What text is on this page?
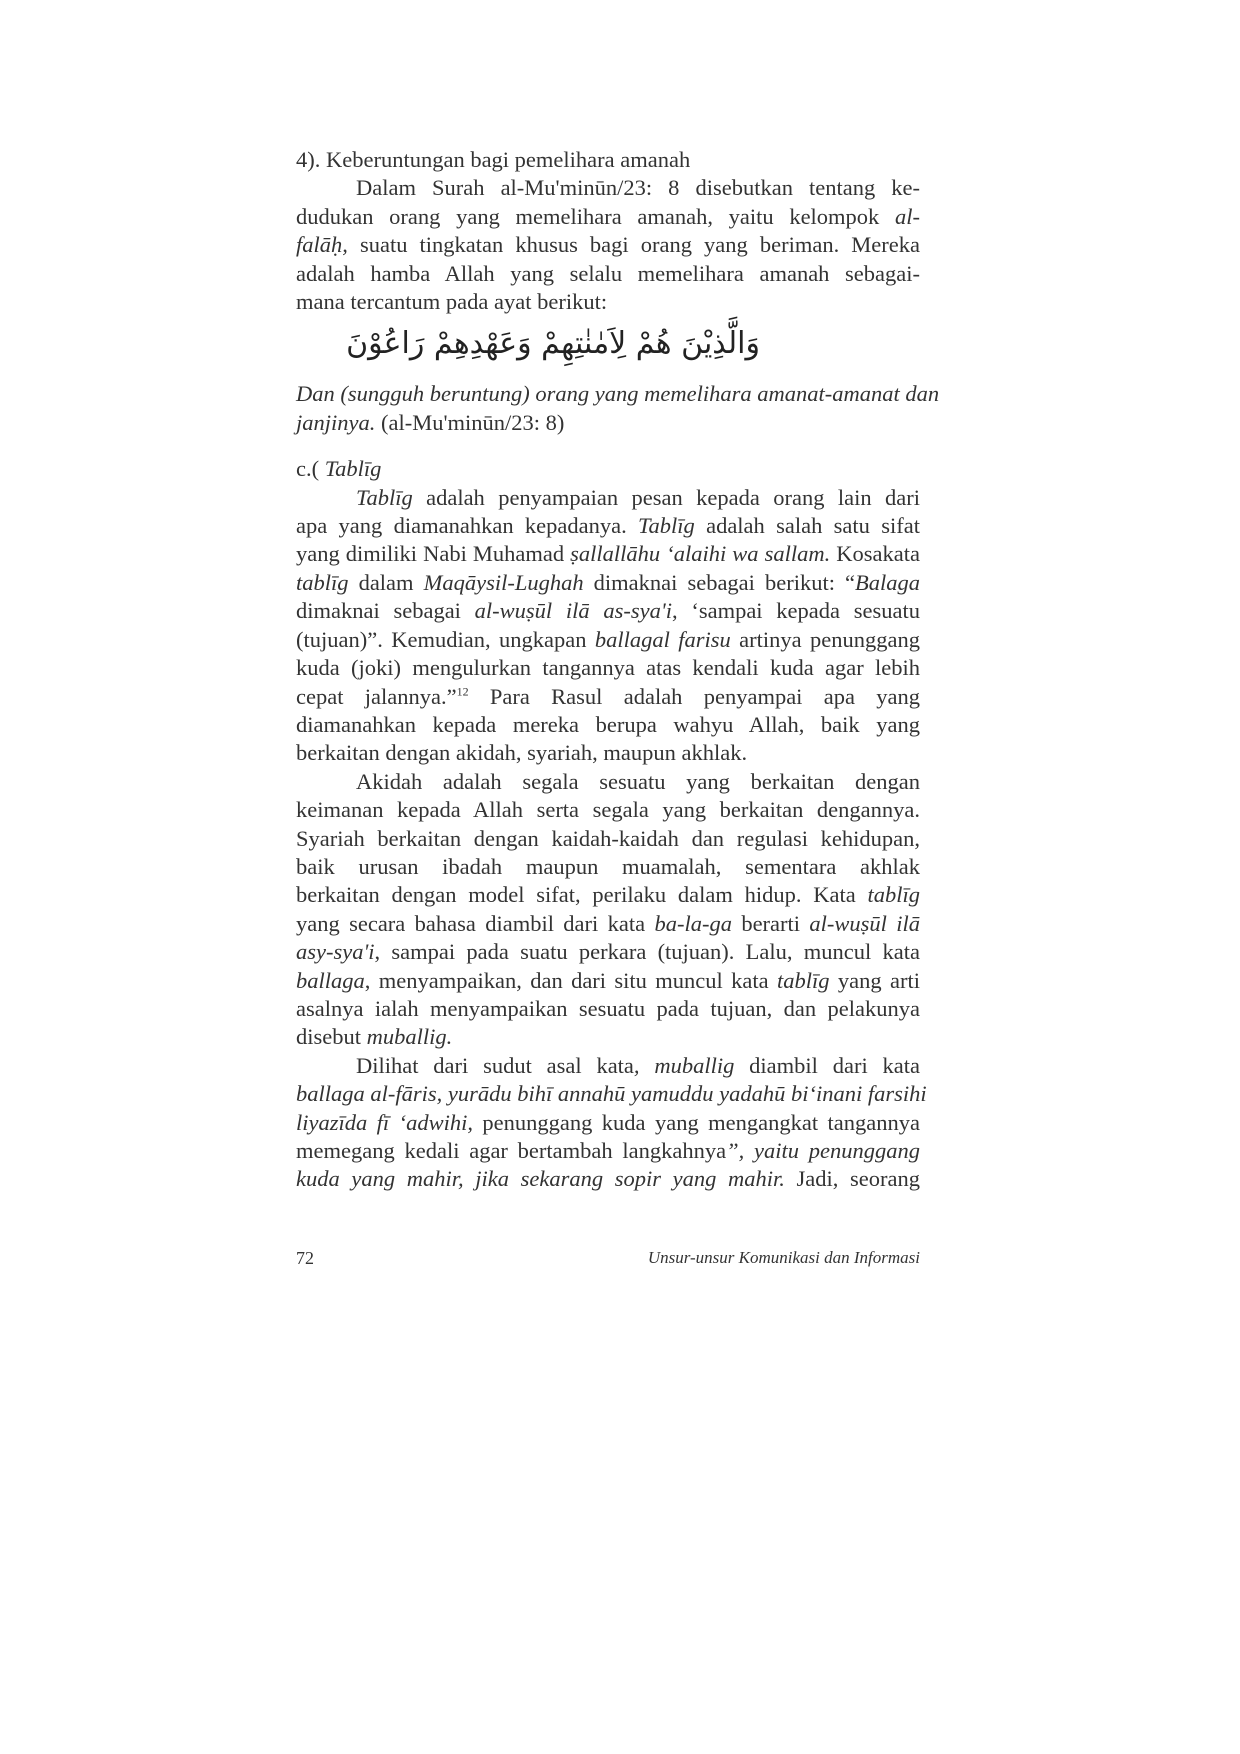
4). Keberuntungan bagi pemelihara amanah
Dalam Surah al-Mu'minūn/23: 8 disebutkan tentang ke-
dudukan orang yang memelihara amanah, yaitu kelompok al-
falāḥ, suatu tingkatan khusus bagi orang yang beriman. Mereka
adalah hamba Allah yang selalu memelihara amanah sebagai-
mana tercantum pada ayat berikut:
وَالَّذِيْنَ هُمْ لِاَمٰنٰتِهِمْ وَعَهْدِهِمْ رَاعُوْنَ
Dan (sungguh beruntung) orang yang memelihara amanat-amanat dan
janjinya. (al-Mu'minūn/23: 8)
c.( Tablīg
Tablīg adalah penyampaian pesan kepada orang lain dari
apa yang diamanahkan kepadanya. Tablīg adalah salah satu sifat
yang dimiliki Nabi Muhamad ṣallallāhu ‘alaihi wa sallam. Kosakata
tablīg dalam Maqāysil-Lughah dimaknai sebagai berikut: “Balaga
dimaknai sebagai al-wuṣūl ilā as-sya'i, ‘sampai kepada sesuatu
(tujuan)”. Kemudian, ungkapan ballagal farisu artinya penunggang
kuda (joki) mengulurkan tangannya atas kendali kuda agar lebih
cepat jalannya.”$^{12}$ Para Rasul adalah penyampai apa yang
diamanahkan kepada mereka berupa wahyu Allah, baik yang
berkaitan dengan akidah, syariah, maupun akhlak.
Akidah adalah segala sesuatu yang berkaitan dengan
keimanan kepada Allah serta segala yang berkaitan dengannya.
Syariah berkaitan dengan kaidah-kaidah dan regulasi kehidupan,
baik urusan ibadah maupun muamalah, sementara akhlak
berkaitan dengan model sifat, perilaku dalam hidup. Kata tablīg
yang secara bahasa diambil dari kata ba-la-ga berarti al-wuṣūl ilā
asy-sya'i, sampai pada suatu perkara (tujuan). Lalu, muncul kata
ballaga, menyampaikan, dan dari situ muncul kata tablīg yang arti
asalnya ialah menyampaikan sesuatu pada tujuan, dan pelakunya
disebut muballig.
Dilihat dari sudut asal kata, muballig diambil dari kata
ballaga al-fāris, yurādu bihī annahū yamuddu yadahū bi‘inani farsihi
liyazīda fī ‘adwihi, penunggang kuda yang mengangkat tangannya
memegang kedali agar bertambah langkahnya”, yaitu penunggang
kuda yang mahir, jika sekarang sopir yang mahir. Jadi, seorang
72	Unsur-unsur Komunikasi dan Informasi
